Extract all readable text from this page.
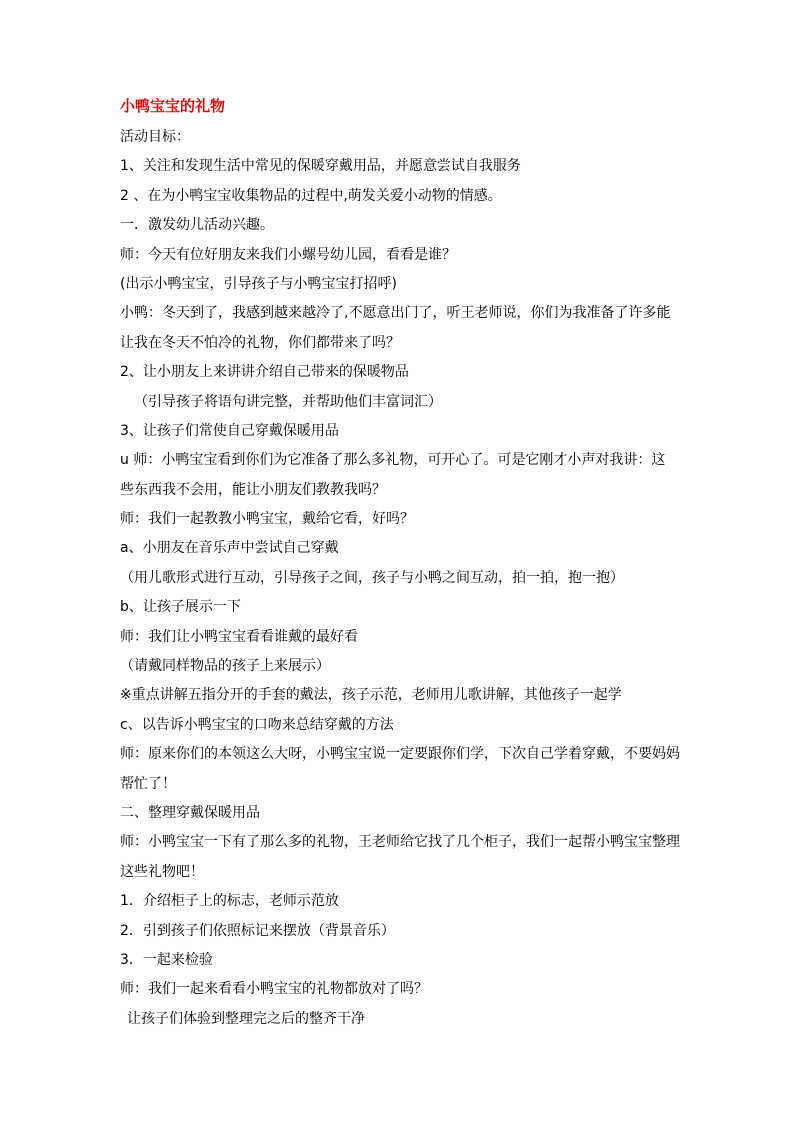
小鸭宝宝的礼物
活动目标：
1、关注和发现生活中常见的保暖穿戴用品，并愿意尝试自我服务
2 、在为小鸭宝宝收集物品的过程中,萌发关爱小动物的情感。
一．激发幼儿活动兴趣。
师：今天有位好朋友来我们小螺号幼儿园，看看是谁？
(出示小鸭宝宝，引导孩子与小鸭宝宝打招呼)
小鸭：冬天到了，我感到越来越冷了,不愿意出门了，听王老师说，你们为我准备了许多能
让我在冬天不怕冷的礼物，你们都带来了吗？
2、让小朋友上来讲讲介绍自己带来的保暖物品
（引导孩子将语句讲完整，并帮助他们丰富词汇）
3、让孩子们常使自己穿戴保暖用品
u 师：小鸭宝宝看到你们为它准备了那么多礼物，可开心了。可是它刚才小声对我讲：这
些东西我不会用，能让小朋友们教教我吗？
师：我们一起教教小鸭宝宝，戴给它看，好吗？
a、小朋友在音乐声中尝试自己穿戴
（用儿歌形式进行互动，引导孩子之间，孩子与小鸭之间互动，拍一拍，抱一抱）
b、让孩子展示一下
师：我们让小鸭宝宝看看谁戴的最好看
（请戴同样物品的孩子上来展示）
※重点讲解五指分开的手套的戴法，孩子示范，老师用儿歌讲解，其他孩子一起学
c、以告诉小鸭宝宝的口吻来总结穿戴的方法
师：原来你们的本领这么大呀，小鸭宝宝说一定要跟你们学，下次自己学着穿戴，不要妈妈
帮忙了！
二、整理穿戴保暖用品
师：小鸭宝宝一下有了那么多的礼物，王老师给它找了几个柜子，我们一起帮小鸭宝宝整理
这些礼物吧！
1．介绍柜子上的标志，老师示范放
2．引到孩子们依照标记来摆放（背景音乐）
3．一起来检验
师：我们一起来看看小鸭宝宝的礼物都放对了吗？
让孩子们体验到整理完之后的整齐干净
